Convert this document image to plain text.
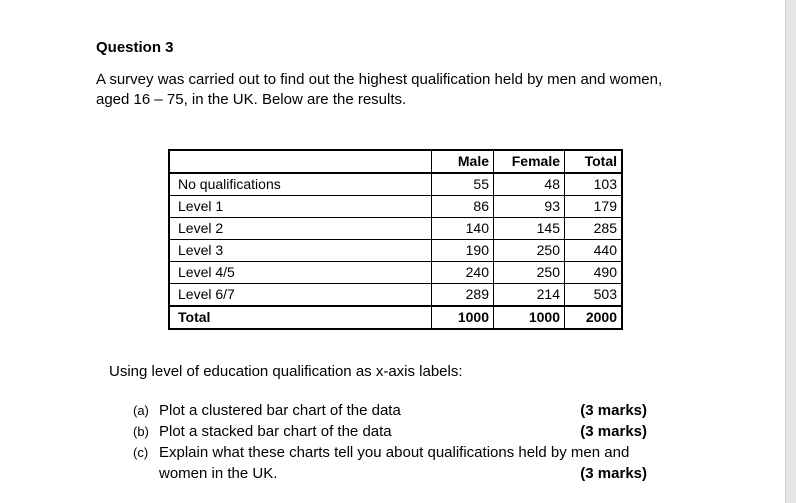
Question 3
A survey was carried out to find out the highest qualification held by men and women, aged 16 – 75, in the UK. Below are the results.
	Male	Female	Total
No qualifications	55	48	103
Level 1	86	93	179
Level 2	140	145	285
Level 3	190	250	440
Level 4/5	240	250	490
Level 6/7	289	214	503
Total	1000	1000	2000
Using level of education qualification as x-axis labels:
(a) Plot a clustered bar chart of the data	(3 marks)
(b) Plot a stacked bar chart of the data	(3 marks)
(c) Explain what these charts tell you about qualifications held by men and women in the UK.	(3 marks)
